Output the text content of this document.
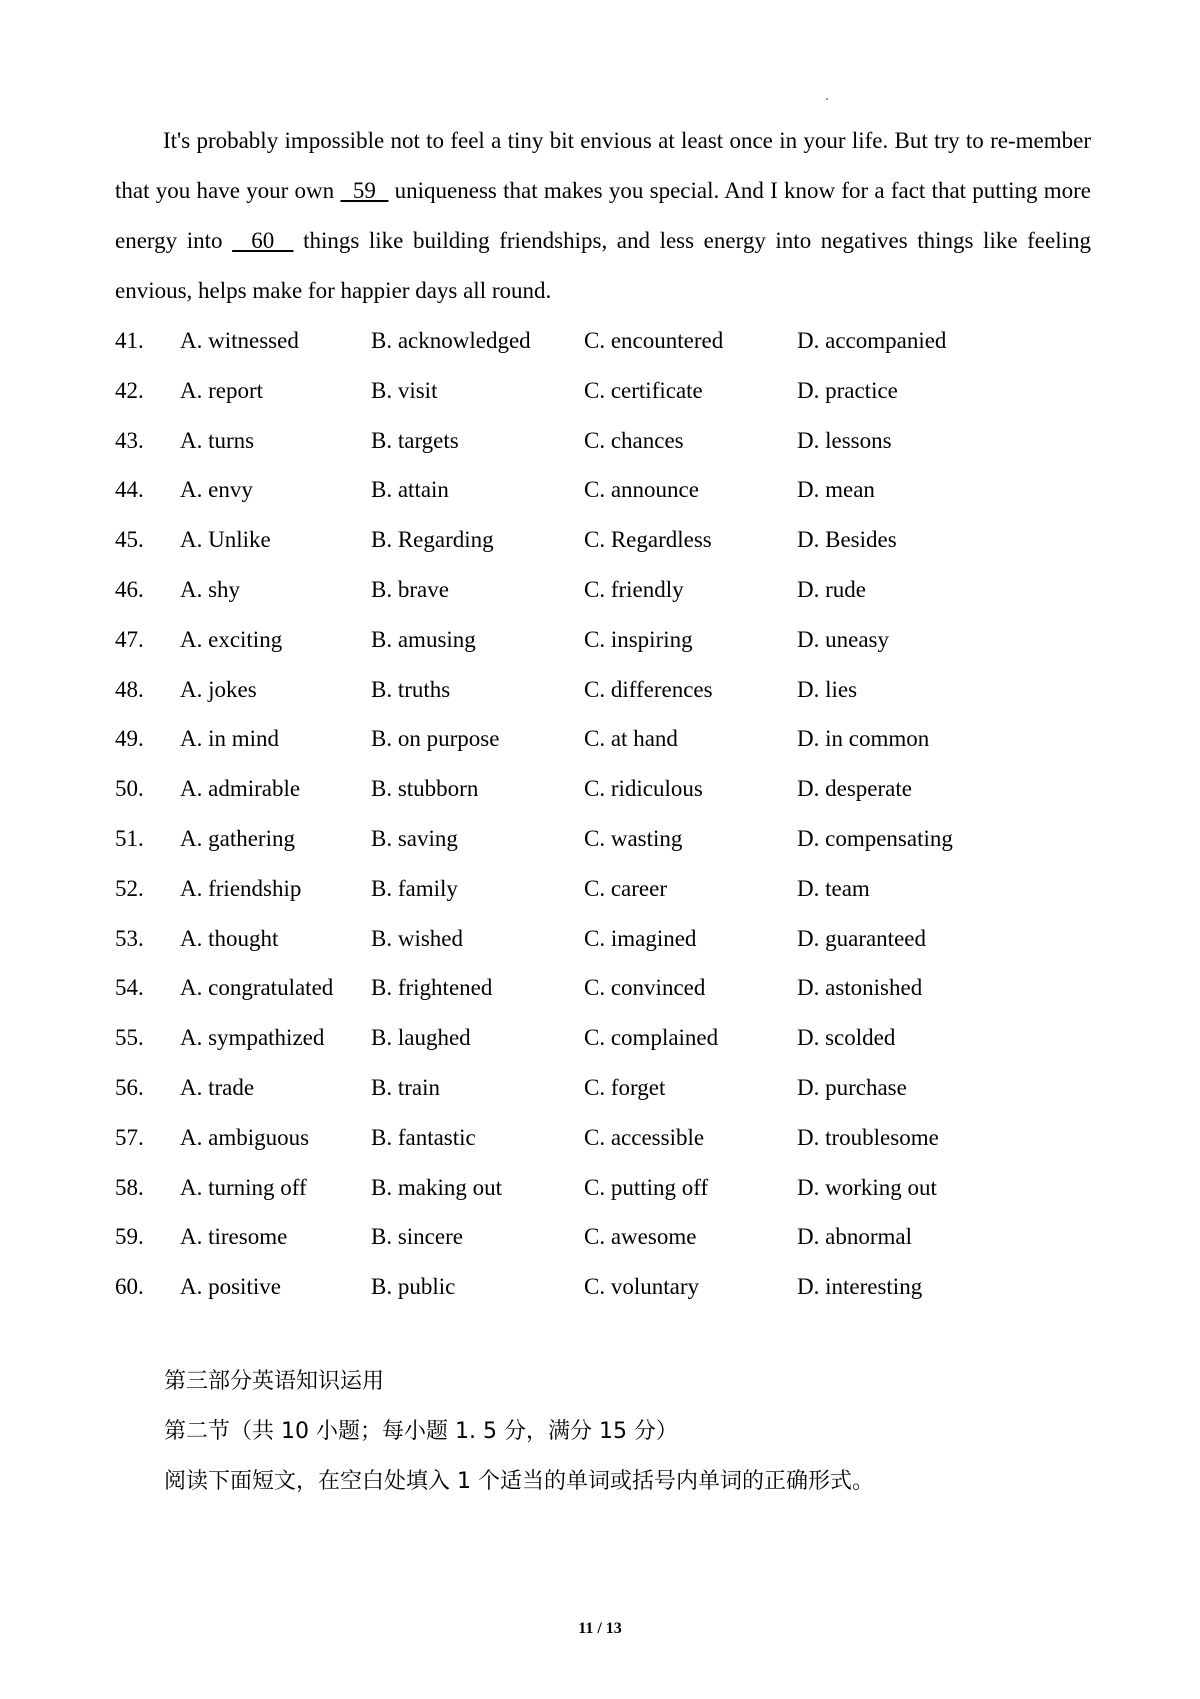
It's probably impossible not to feel a tiny bit envious at least once in your life. But try to re-member that you have your own   59   uniqueness that makes you special. And I know for a fact that putting more energy into   60   things like building friendships, and less energy into negatives things like feeling envious, helps make for happier days all round.

41. A. witnessed	B. acknowledged C. encountered	D. accompanied
42. A. report	B. visit	C. certificate	D. practice
43. A. turns	B. targets	C. chances	D. lessons
44. A. envy	B. attain	C. announce	D. mean
45. A. Unlike	B. Regarding	C. Regardless	D. Besides
46. A. shy	B. brave	C. friendly	D. rude
47. A. exciting	B. amusing	C. inspiring	D. uneasy
48. A. jokes	B. truths	C. differences	D. lies
49. A. in mind	B. on purpose	C. at hand	D. in common
50. A. admirable	B. stubborn	C. ridiculous	D. desperate
51. A. gathering	B. saving	C. wasting	D. compensating
52. A. friendship	B. family	C. career	D. team
53. A. thought	B. wished	C. imagined	D. guaranteed
54. A. congratulated B. frightened	C. convinced	D. astonished
55. A. sympathized B. laughed	C. complained	D. scolded
56. A. trade	B. train	C. forget	D. purchase
57. A. ambiguous	B. fantastic	C. accessible	D. troublesome
58. A. turning off	B. making out	C. putting off	D. working out
59. A. tiresome	B. sincere	C. awesome	D. abnormal
60. A. positive	B. public	C. voluntary	D. interesting
第三部分英语知识运用
第二节（共 10 小题；每小题 1. 5 分，满分 15 分）
阅读下面短文，在空白处填入 1 个适当的单词或括号内单词的正确形式。
11 / 13
